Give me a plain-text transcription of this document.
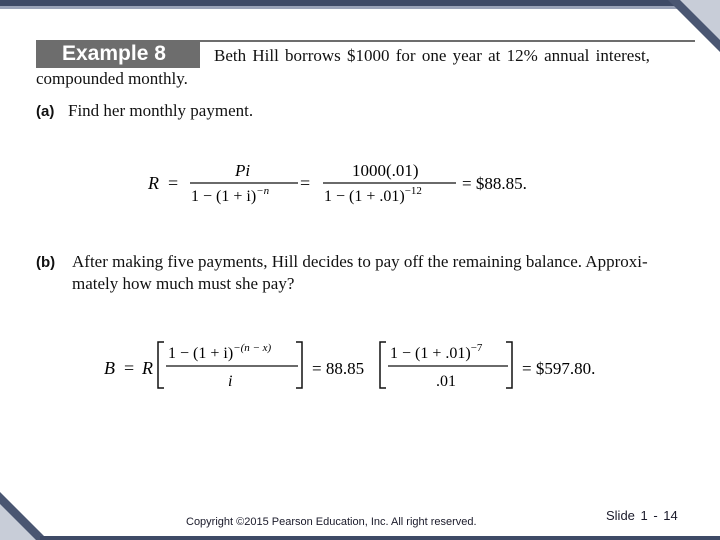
Example 8	Beth Hill borrows $1000 for one year at 12% annual interest,
compounded monthly.
(a) Find her monthly payment.
R =
Pi
$1 - (1 + i)^{-n}$ =
1000(.01)
$1 - (1 + .01)^{-12}$ = $88.85.
(b) After making five payments, Hill decides to pay off the remaining balance. Approxi-
mately how much must she pay?
B = R
$1 - (1 + i)^{-(n - x)}$
i
= 88.85
$1 - (1 + .01)^{-7}$
.01
= $597.80.
Copyright ©2015 Pearson Education, Inc. All right reserved.	Slide 1 - 14
